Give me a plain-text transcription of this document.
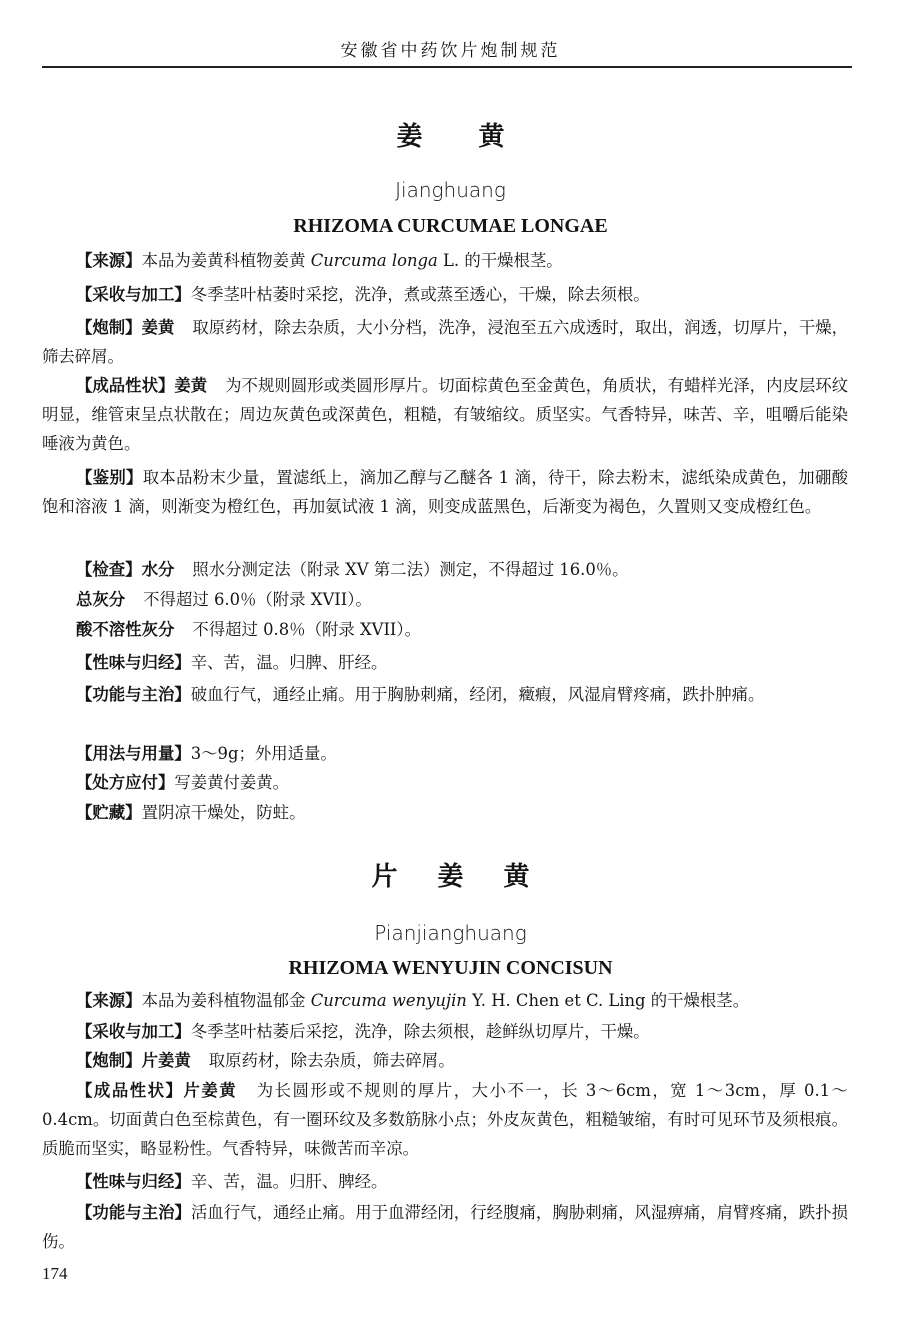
安徽省中药饮片炮制规范
姜 黄
Jianghuang
RHIZOMA CURCUMAE LONGAE
【来源】本品为姜黄科植物姜黄 Curcuma longa L. 的干燥根茎。
【采收与加工】冬季茎叶枯萎时采挖，洗净，煮或蒸至透心，干燥，除去须根。
【炮制】姜黄 取原药材，除去杂质，大小分档，洗净，浸泡至五六成透时，取出，润透，切厚片，干燥，筛去碎屑。
【成品性状】姜黄 为不规则圆形或类圆形厚片。切面棕黄色至金黄色，角质状，有蜡样光泽，内皮层环纹明显，维管束呈点状散在；周边灰黄色或深黄色，粗糙，有皱缩纹。质坚实。气香特异，味苦、辛，咀嚼后能染唾液为黄色。
【鉴别】取本品粉末少量，置滤纸上，滴加乙醇与乙醚各 1 滴，待干，除去粉末，滤纸染成黄色，加硼酸饱和溶液 1 滴，则渐变为橙红色，再加氨试液 1 滴，则变成蓝黑色，后渐变为褐色，久置则又变成橙红色。
【检查】水分 照水分测定法（附录 XV 第二法）测定，不得超过 16.0％。
总灰分 不得超过 6.0％（附录 XVII）。
酸不溶性灰分 不得超过 0.8％（附录 XVII）。
【性味与归经】辛、苦，温。归脾、肝经。
【功能与主治】破血行气，通经止痛。用于胸胁刺痛，经闭，癥瘕，风湿肩臂疼痛，跌扑肿痛。
【用法与用量】3～9g；外用适量。
【处方应付】写姜黄付姜黄。
【贮藏】置阴凉干燥处，防蛀。
片 姜 黄
Pianjianghuang
RHIZOMA WENYUJIN CONCISUN
【来源】本品为姜科植物温郁金 Curcuma wenyujin Y. H. Chen et C. Ling 的干燥根茎。
【采收与加工】冬季茎叶枯萎后采挖，洗净，除去须根，趁鲜纵切厚片，干燥。
【炮制】片姜黄 取原药材，除去杂质，筛去碎屑。
【成品性状】片姜黄 为长圆形或不规则的厚片，大小不一，长 3～6cm，宽 1～3cm，厚 0.1～0.4cm。切面黄白色至棕黄色，有一圈环纹及多数筋脉小点；外皮灰黄色，粗糙皱缩，有时可见环节及须根痕。质脆而坚实，略显粉性。气香特异，味微苦而辛凉。
【性味与归经】辛、苦，温。归肝、脾经。
【功能与主治】活血行气，通经止痛。用于血滞经闭，行经腹痛，胸胁刺痛，风湿痹痛，肩臂疼痛，跌扑损伤。
174
